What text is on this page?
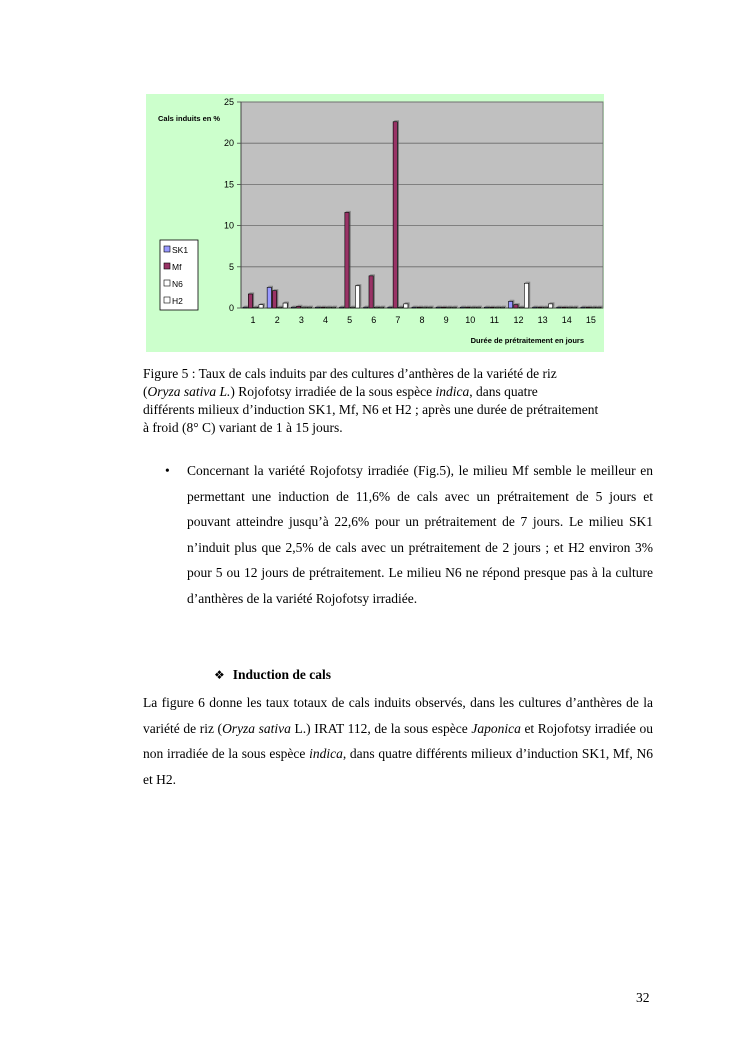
0
5
10
15
20
25
1 2 3 4 5 6 7 8 9 10 11 12 13 14 15
Cals induits en %
Durée de prétraitement en jours
SK1
Mf
N6
H2
Figure 5 : Taux de cals induits par des cultures d’anthères de la variété de riz
(Oryza sativa L.) Rojofotsy irradiée de la sous espèce indica, dans quatre
différents milieux d’induction SK1, Mf, N6 et H2 ; après une durée de prétraitement
à froid (8° C) variant de 1 à 15 jours.
• Concernant la variété Rojofotsy irradiée (Fig.5), le milieu Mf semble le meilleur en permettant une induction de 11,6% de cals avec un prétraitement de 5 jours et pouvant atteindre jusqu’à 22,6% pour un prétraitement de 7 jours. Le milieu SK1 n’induit plus que 2,5% de cals avec un prétraitement de 2 jours ; et H2 environ 3% pour 5 ou 12 jours de prétraitement. Le milieu N6 ne répond presque pas à la culture d’anthères de la variété Rojofotsy irradiée.
❖ Induction de cals
La figure 6 donne les taux totaux de cals induits observés, dans les cultures d’anthères de la variété de riz (Oryza sativa L.) IRAT 112, de la sous espèce Japonica et Rojofotsy irradiée ou non irradiée de la sous espèce indica, dans quatre différents milieux d’induction SK1, Mf, N6 et H2.
32
